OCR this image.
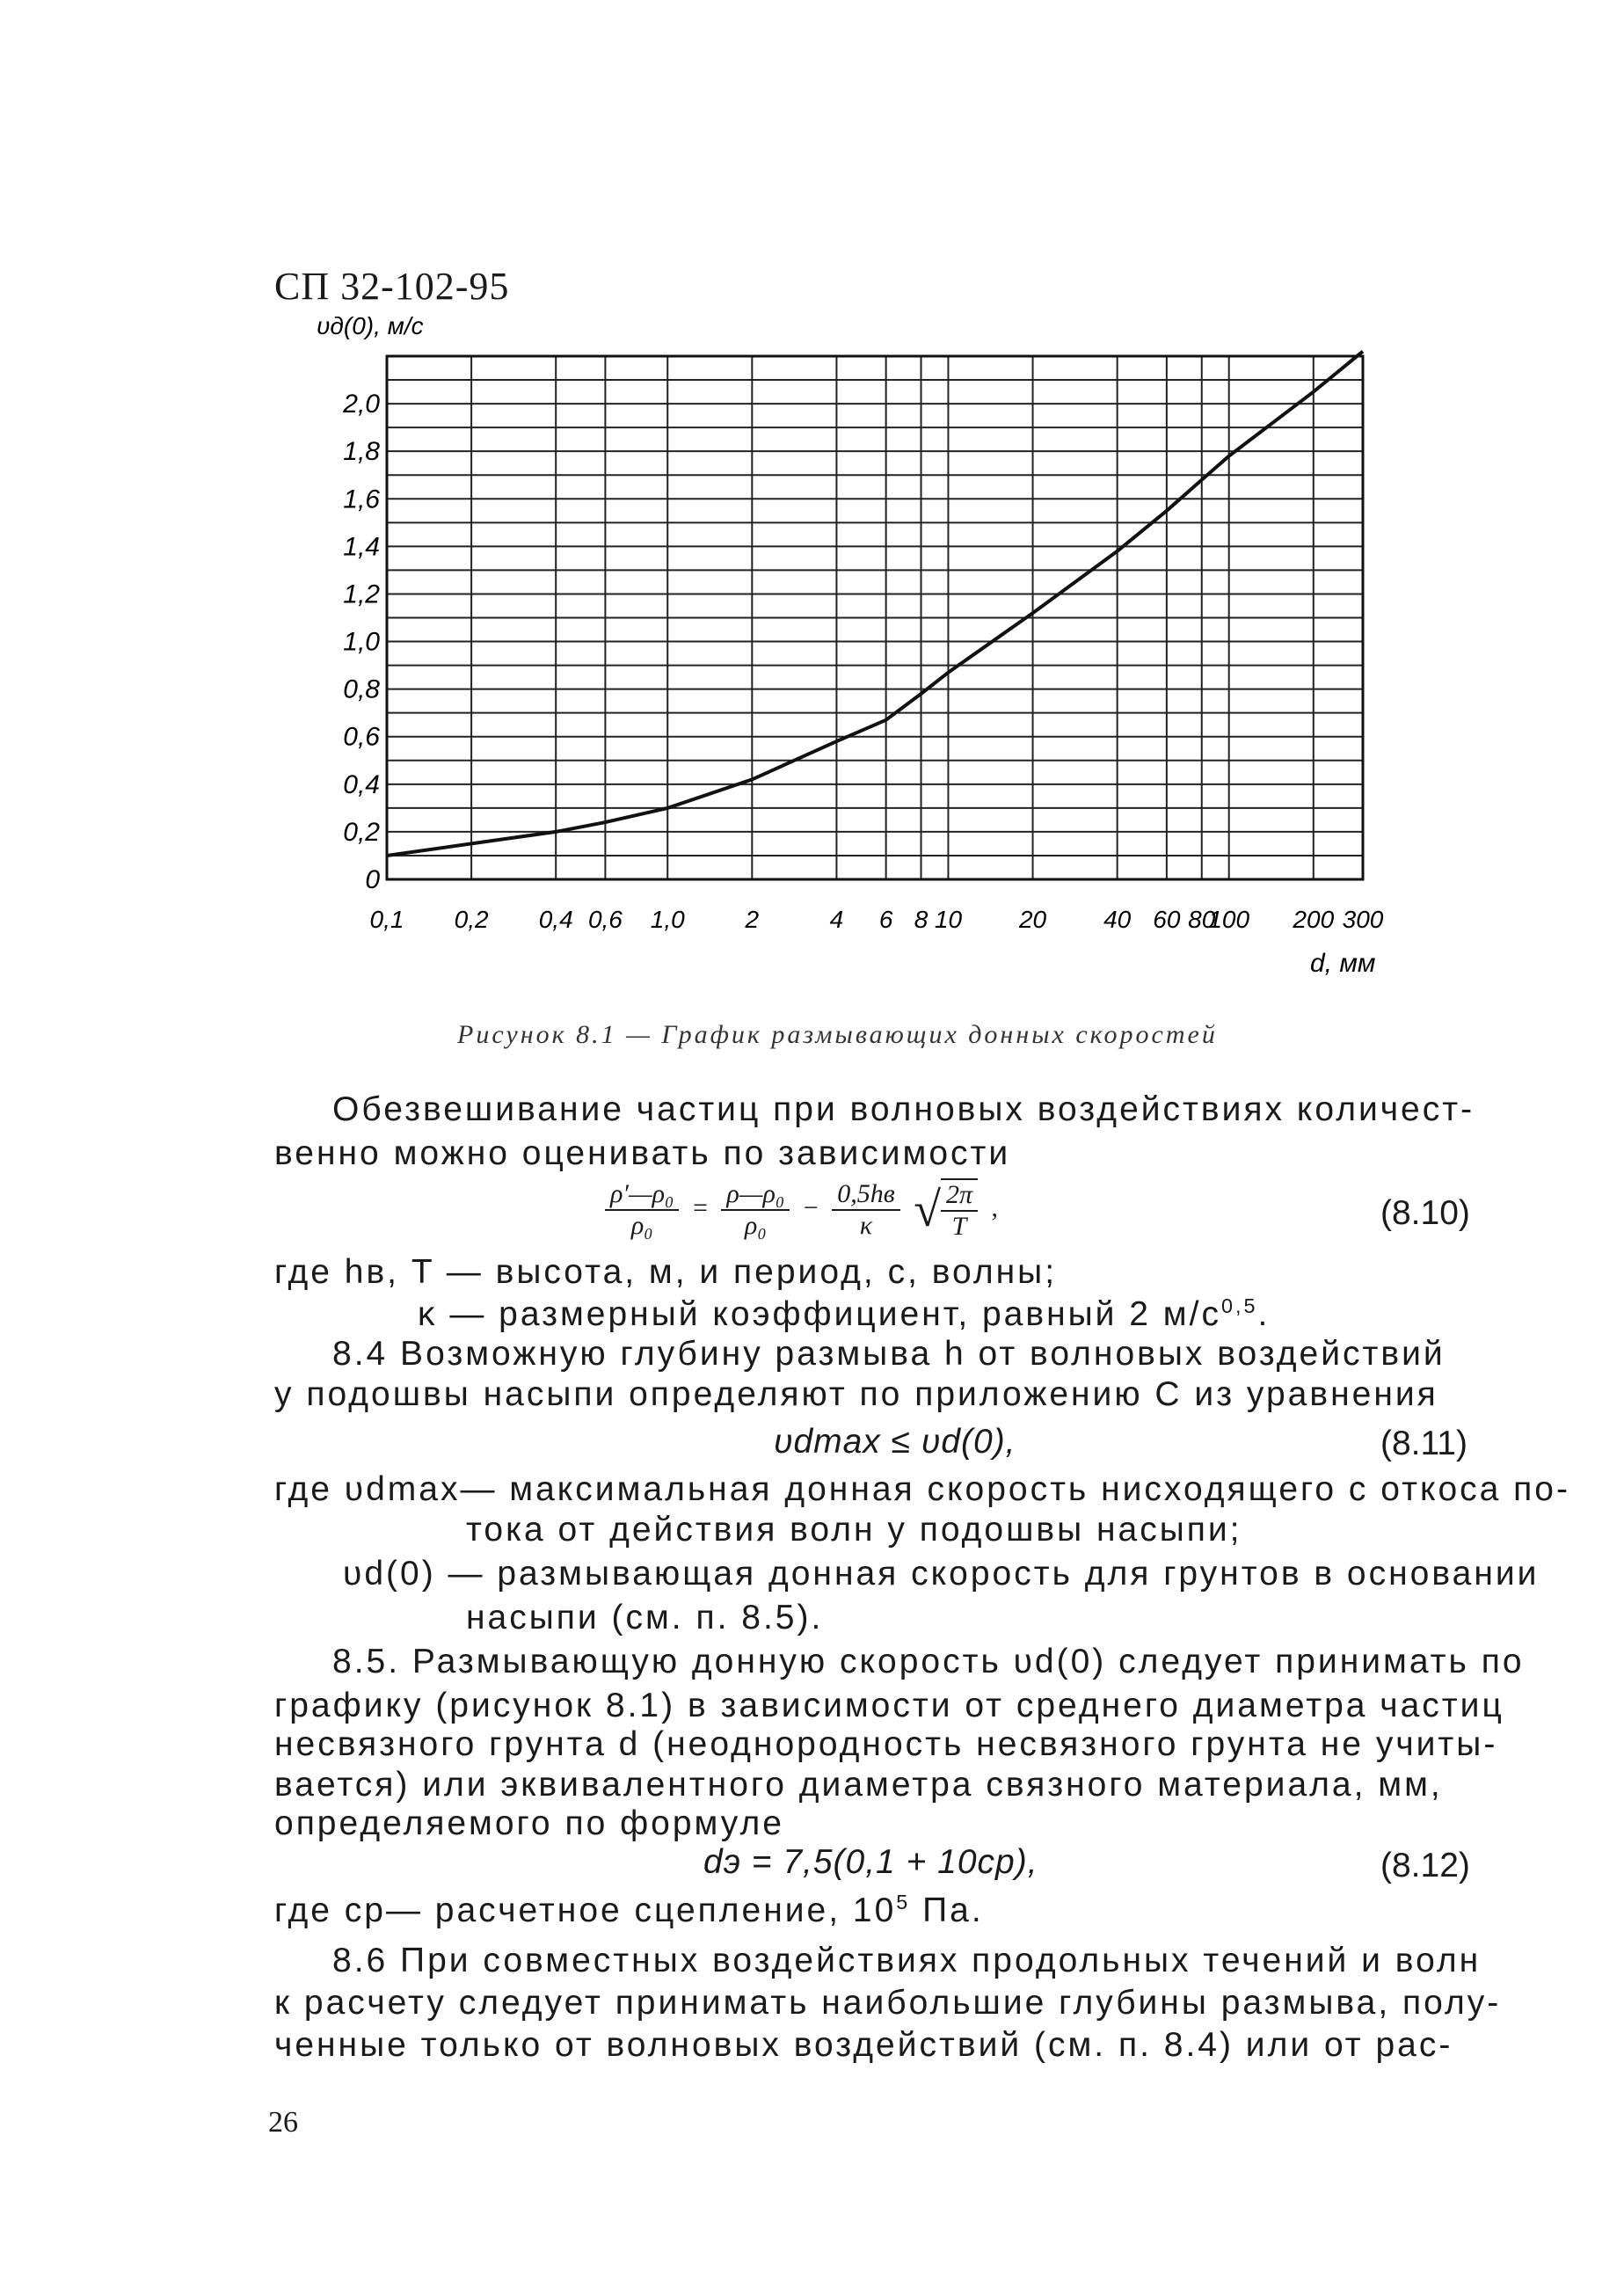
СП 32-102-95
0
0,2
0,4
0,6
0,8
1,0
1,2
1,4
1,6
1,8
2,0
0,1 0,2 0,4 0,6 1,0 2	4 6 8 10 20 40 60 80
100 200 300
υд(0), м/с
d, мм
Рисунок 8.1 — График размывающих донных скоростей
Обезвешивание частиц при волновых воздействиях количест-
венно можно оценивать по зависимости
$\frac{\text{ρ′—ρ₀}}{\text{ρ₀}} = \frac{\text{ρ—ρ₀}}{\text{ρ₀}} - \frac{0,5hв}{\kappa}$ √ $\frac{2\pi}{T}$ ,	(8.10)
где hв, T — высота, м, и период, с, волны;
κ — размерный коэффициент, равный 2 $м/с^{0,5}$.
8.4 Возможную глубину размыва h от волновых воздействий
у подошвы насыпи определяют по приложению С из уравнения
υdmax ≤ υd(0),	(8.11)
где υdmax— максимальная донная скорость нисходящего с откоса по-
тока от действия волн у подошвы насыпи;
υd(0) — размывающая донная скорость для грунтов в основании
насыпи (см. п. 8.5).
8.5. Размывающую донную скорость υd(0) следует принимать по
графику (рисунок 8.1) в зависимости от среднего диаметра частиц
несвязного грунта d (неоднородность несвязного грунта не учиты-
вается) или эквивалентного диаметра связного материала, мм,
определяемого по формуле
dэ = 7,5(0,1 + 10cр),	(8.12)
где cр— расчетное сцепление, $10^5$ Па.
8.6 При совместных воздействиях продольных течений и волн
к расчету следует принимать наибольшие глубины размыва, полу-
ченные только от волновых воздействий (см. п. 8.4) или от рас-
26
